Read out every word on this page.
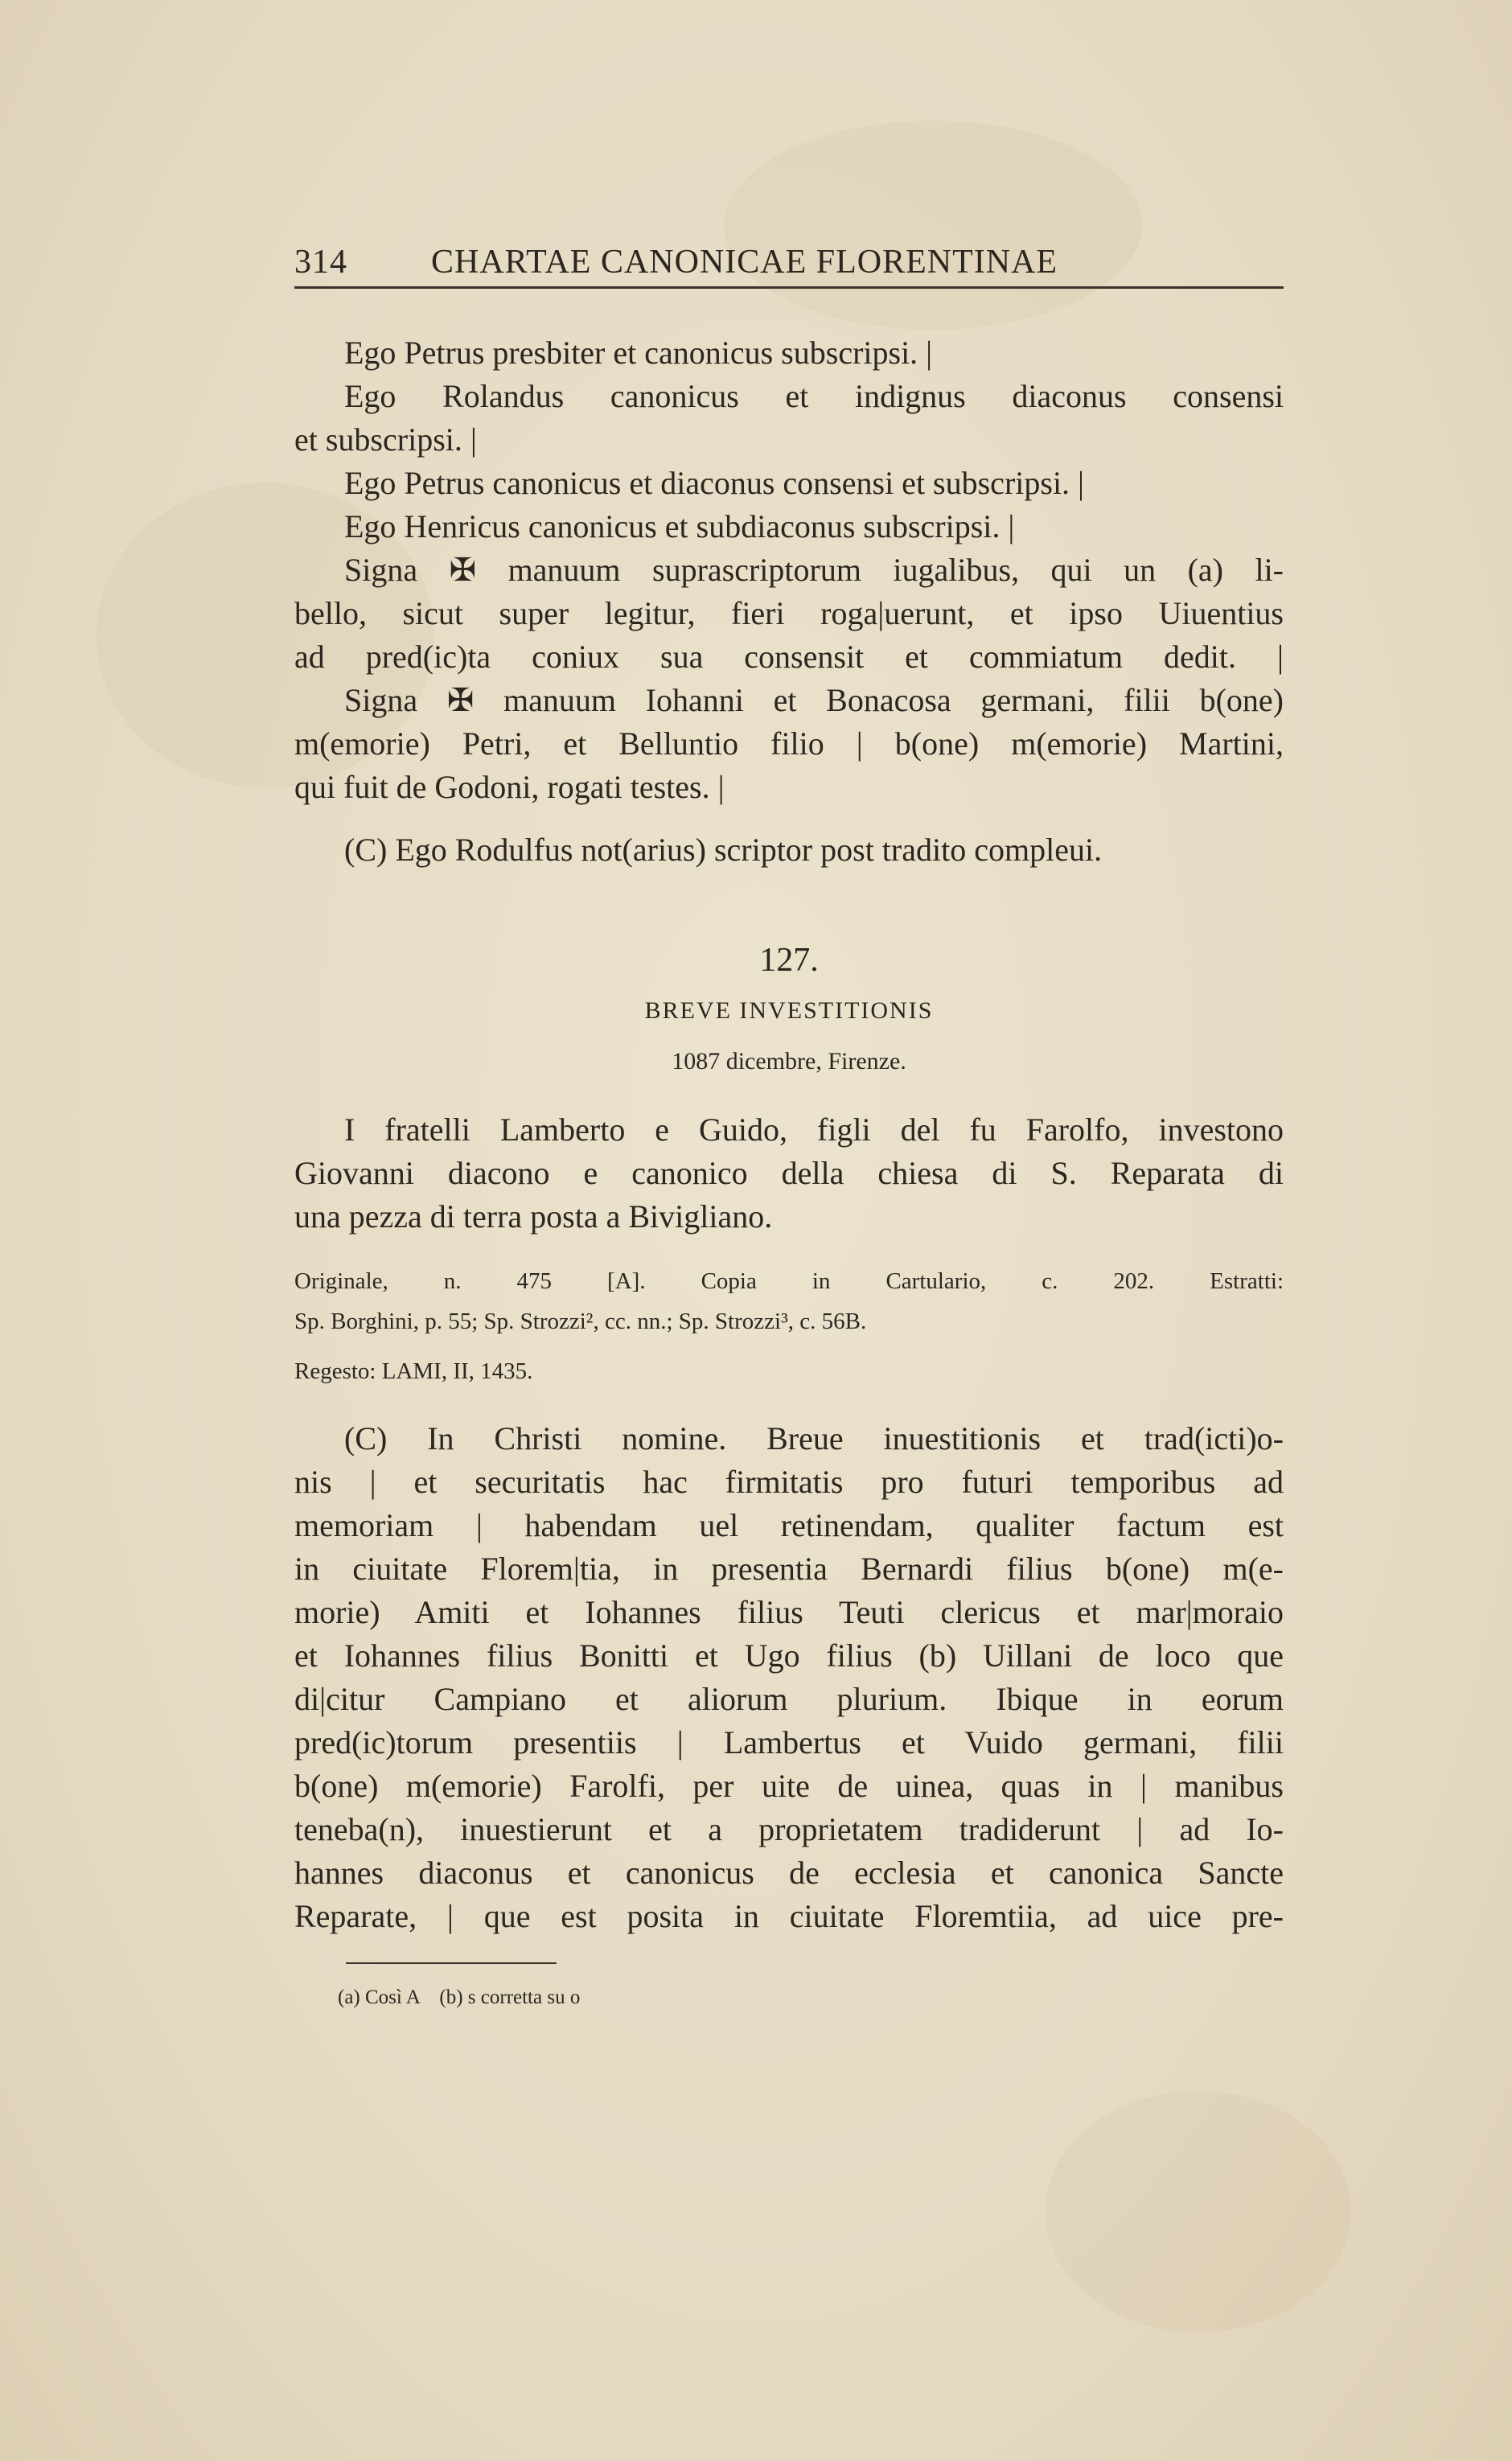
314 CHARTAE CANONICAE FLORENTINAE
Ego Petrus presbiter et canonicus subscripsi. |
Ego Rolandus canonicus et indignus diaconus consensi
et subscripsi. |
Ego Petrus canonicus et diaconus consensi et subscripsi. |
Ego Henricus canonicus et subdiaconus subscripsi. |
Signa ✠ manuum suprascriptorum iugalibus, qui un (a) li-
bello, sicut super legitur, fieri roga|uerunt, et ipso Uiuentius
ad pred(ic)ta coniux sua consensit et commiatum dedit. |
Signa ✠ manuum Iohanni et Bonacosa germani, filii b(one)
m(emorie) Petri, et Belluntio filio | b(one) m(emorie) Martini,
qui fuit de Godoni, rogati testes. |
(C) Ego Rodulfus not(arius) scriptor post tradito compleui.
127.
BREVE INVESTITIONIS
1087 dicembre, Firenze.
I fratelli Lamberto e Guido, figli del fu Farolfo, investono
Giovanni diacono e canonico della chiesa di S. Reparata di
una pezza di terra posta a Bivigliano.
Originale, n. 475 [A]. Copia in Cartulario, c. 202. Estratti:
Sp. Borghini, p. 55; Sp. Strozzi², cc. nn.; Sp. Strozzi³, c. 56B.
Regesto: LAMI, II, 1435.
(C) In Christi nomine. Breue inuestitionis et trad(icti)o-
nis | et securitatis hac firmitatis pro futuri temporibus ad
memoriam | habendam uel retinendam, qualiter factum est
in ciuitate Florem|tia, in presentia Bernardi filius b(one) m(e-
morie) Amiti et Iohannes filius Teuti clericus et mar|moraio
et Iohannes filius Bonitti et Ugo filius (b) Uillani de loco que
di|citur Campiano et aliorum plurium. Ibique in eorum
pred(ic)torum presentiis | Lambertus et Vuido germani, filii
b(one) m(emorie) Farolfi, per uite de uinea, quas in | manibus
teneba(n), inuestierunt et a proprietatem tradiderunt | ad Io-
hannes diaconus et canonicus de ecclesia et canonica Sancte
Reparate, | que est posita in ciuitate Floremtiia, ad uice pre-
(a) Così A    (b) s corretta su o
